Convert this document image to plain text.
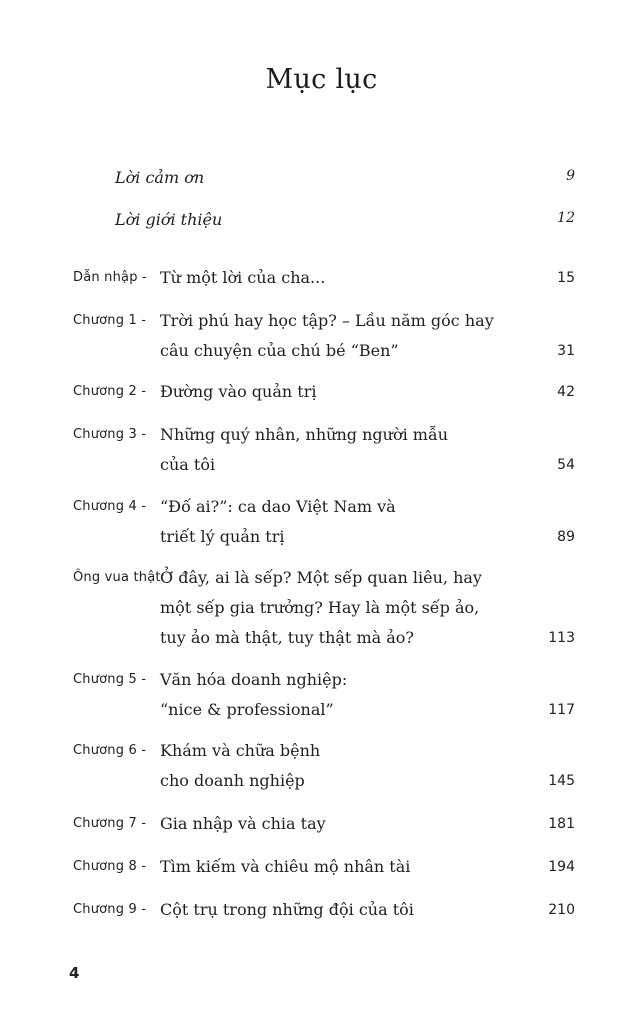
Mục lục
Lời cảm ơn	9
Lời giới thiệu	12
Dẫn nhập - Từ một lời của cha...	15
Chương 1 - Trời phú hay học tập? – Lầu năm góc hay
câu chuyện của chú bé “Ben”	31
Chương 2 - Đường vào quản trị	42
Chương 3 - Những quý nhân, những người mẫu
của tôi	54
Chương 4 - “Đố ai?”: ca dao Việt Nam và
triết lý quản trị	89
Ông vua thật:
Ở đây, ai là sếp? Một sếp quan liêu, hay
một sếp gia trưởng? Hay là một sếp ảo,
tuy ảo mà thật, tuy thật mà ảo?	113
Chương 5 - Văn hóa doanh nghiệp:
“nice & professional”	117
Chương 6 - Khám và chữa bệnh
cho doanh nghiệp	145
Chương 7 - Gia nhập và chia tay	181
Chương 8 - Tìm kiếm và chiêu mộ nhân tài	194
Chương 9 - Cột trụ trong những đội của tôi	210
4
